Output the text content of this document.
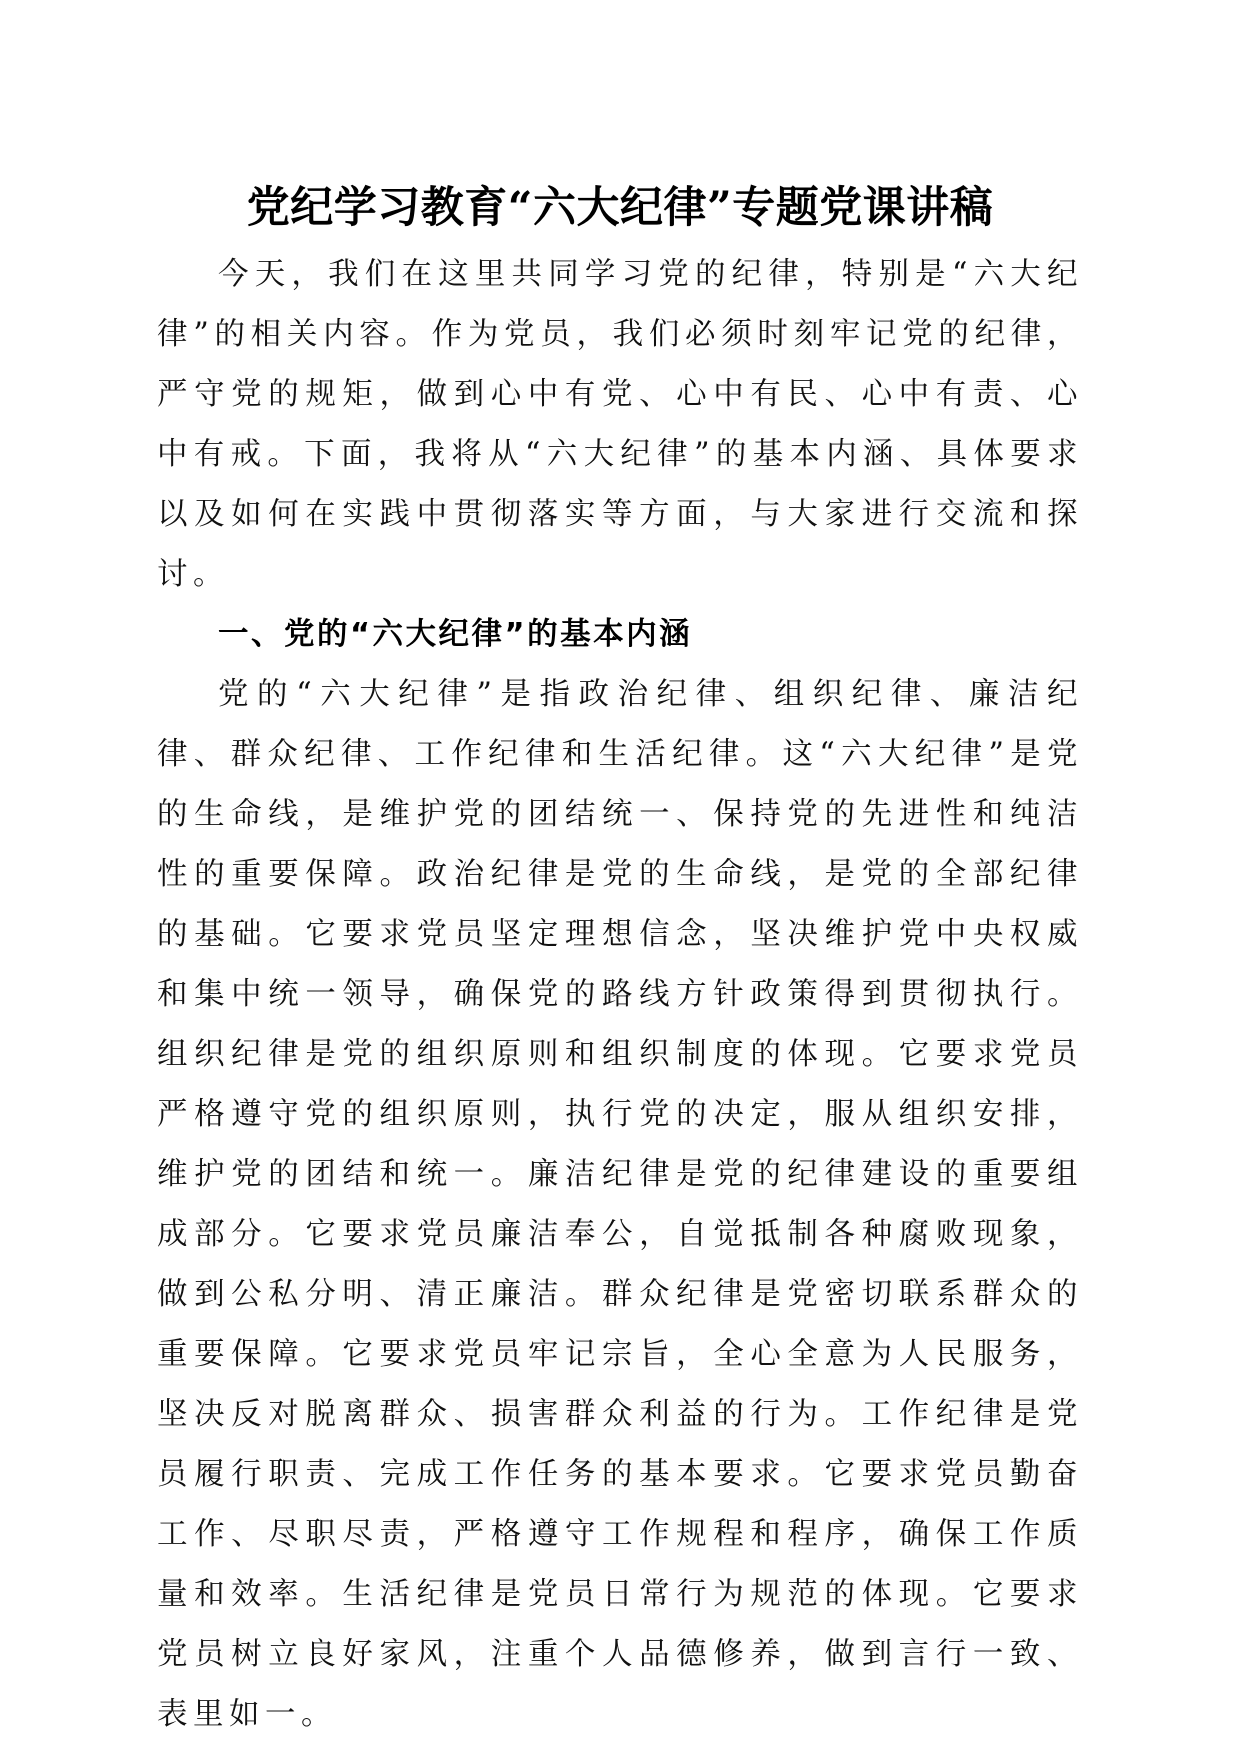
党纪学习教育“六大纪律”专题党课讲稿

今天，我们在这里共同学习党的纪律，特别是“六大纪律”的相关内容。作为党员，我们必须时刻牢记党的纪律，严守党的规矩，做到心中有党、心中有民、心中有责、心中有戒。下面，我将从“六大纪律”的基本内涵、具体要求以及如何在实践中贯彻落实等方面，与大家进行交流和探讨。

一、党的“六大纪律”的基本内涵

党的“六大纪律”是指政治纪律、组织纪律、廉洁纪律、群众纪律、工作纪律和生活纪律。这“六大纪律”是党的生命线，是维护党的团结统一、保持党的先进性和纯洁性的重要保障。政治纪律是党的生命线，是党的全部纪律的基础。它要求党员坚定理想信念，坚决维护党中央权威和集中统一领导，确保党的路线方针政策得到贯彻执行。组织纪律是党的组织原则和组织制度的体现。它要求党员严格遵守党的组织原则，执行党的决定，服从组织安排，维护党的团结和统一。廉洁纪律是党的纪律建设的重要组成部分。它要求党员廉洁奉公，自觉抵制各种腐败现象，做到公私分明、清正廉洁。群众纪律是党密切联系群众的重要保障。它要求党员牢记宗旨，全心全意为人民服务，坚决反对脱离群众、损害群众利益的行为。工作纪律是党员履行职责、完成工作任务的基本要求。它要求党员勤奋工作、尽职尽责，严格遵守工作规程和程序，确保工作质量和效率。生活纪律是党员日常行为规范的体现。它要求党员树立良好家风，注重个人品德修养，做到言行一致、表里如一。
